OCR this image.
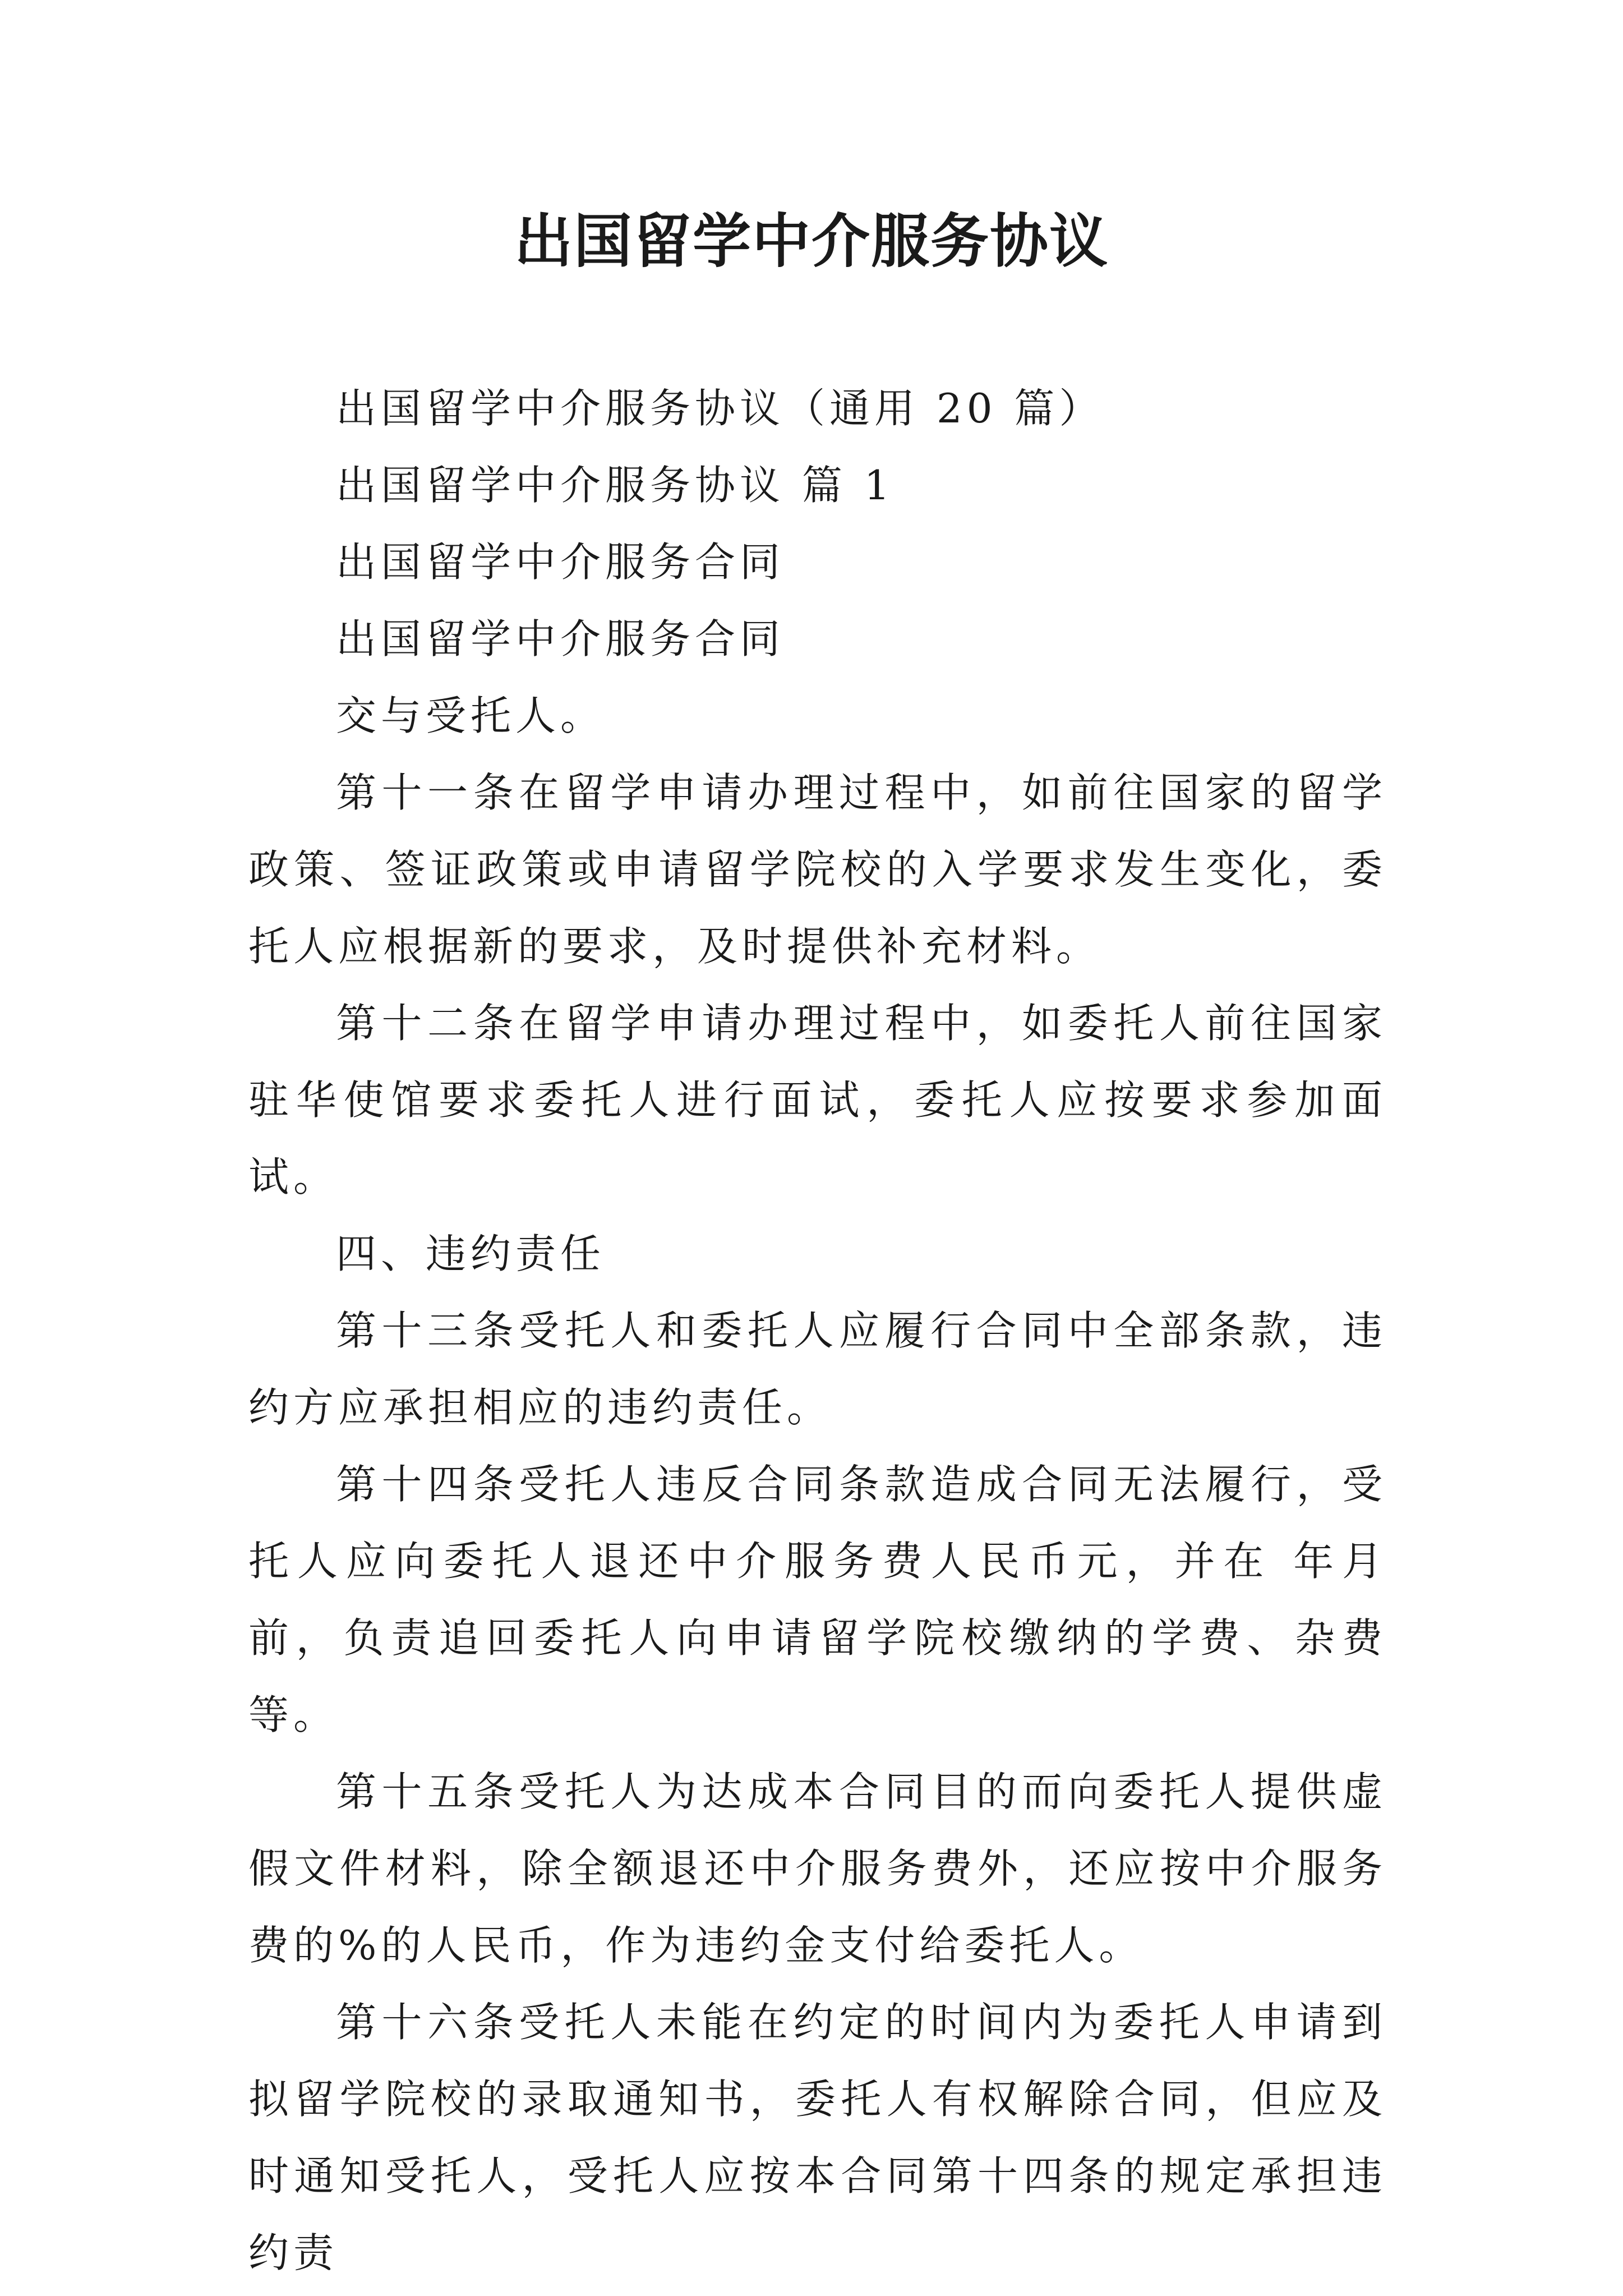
出国留学中介服务协议

出国留学中介服务协议（通用 20 篇）

出国留学中介服务协议 篇 1

出国留学中介服务合同

出国留学中介服务合同

交与受托人。

第十一条在留学申请办理过程中，如前往国家的留学政策、签证政策或申请留学院校的入学要求发生变化，委托人应根据新的要求，及时提供补充材料。

第十二条在留学申请办理过程中，如委托人前往国家驻华使馆要求委托人进行面试，委托人应按要求参加面试。

四、违约责任

第十三条受托人和委托人应履行合同中全部条款，违约方应承担相应的违约责任。

第十四条受托人违反合同条款造成合同无法履行，受托人应向委托人退还中介服务费人民币元，并在 年月前，负责追回委托人向申请留学院校缴纳的学费、杂费等。

第十五条受托人为达成本合同目的而向委托人提供虚假文件材料，除全额退还中介服务费外，还应按中介服务费的%的人民币，作为违约金支付给委托人。

第十六条受托人未能在约定的时间内为委托人申请到拟留学院校的录取通知书，委托人有权解除合同，但应及时通知受托人，受托人应按本合同第十四条的规定承担违约责
